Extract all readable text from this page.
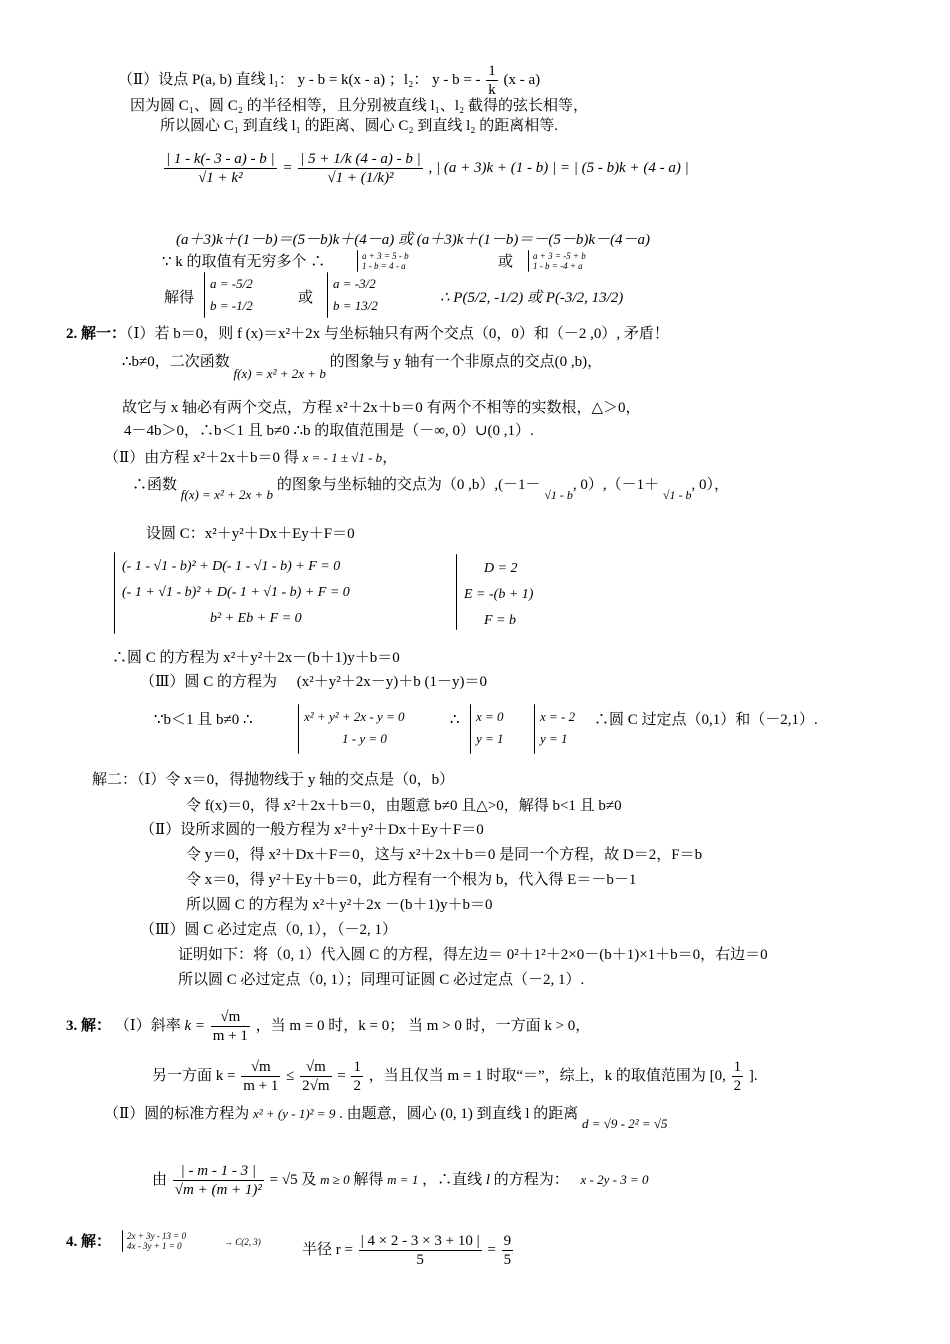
（Ⅱ）设点 P(a, b) 直线 l₁： y - b = k(x - a) ；l₂： y - b = - $\frac{1}{k} (x - a)$
因为圆 C₁、圆 C₂ 的半径相等，且分别被直线 l₁、l₂ 截得的弦长相等，
所以圆心 C₁ 到直线 l₁ 的距离、圆心 C₂ 到直线 l₂ 的距离相等.
$\frac{| 1 - k(- 3 - a) - b |}{\text{√1 + k²}} = \frac{| 5 + 1/k (4 - a) - b |}{\text{√1 + (1/k)²}}$ , | (a + 3)k + (1 - b) | = | (5 - b)k + (4 - a) |
(a＋3)k＋(1－b)＝(5－b)k＋(4－a) 或 (a＋3)k＋(1－b)＝－(5－b)k－(4－a)
∵ k 的取值有无穷多个 ∴	a + 3 = 5 - b
1 - b = 4 - a	或 a + 3 = -5 + b
1 - b = -4 + a
解得
a = -5/2
b = -1/2	或
a = -3/2
b = 13/2	∴ P(5/2, -1/2) 或 P(-3/2, 13/2)
2. 解一：（Ⅰ）若 b＝0，则 f (x)＝x²＋2x 与坐标轴只有两个交点（0，0）和（－2 ,0）, 矛盾！
∴b≠0，二次函数 f(x) = x² + 2x + b 的图象与 y 轴有一个非原点的交点(0 ,b)，
故它与 x 轴必有两个交点，方程 x²＋2x＋b＝0 有两个不相等的实数根，△＞0，
4－4b＞0，∴b＜1 且 b≠0 ∴b 的取值范围是（－∞, 0）∪(0 ,1）.
（Ⅱ）由方程 x²＋2x＋b＝0 得 x = - 1 ± √1 - b，
∴函数 f(x) = x² + 2x + b 的图象与坐标轴的交点为（0 ,b）,(－1－ $_{√1 - b}$, 0）,（－1＋ $_{√1 - b}$, 0），
设圆 C：x²＋y²＋Dx＋Ey＋F＝0
(- 1 - √1 - b)² + D(- 1 - √1 - b) + F = 0
(- 1 + √1 - b)² + D(- 1 + √1 - b) + F = 0
b² + Eb + F = 0
D = 2
E = -(b + 1)
F = b
∴圆 C 的方程为 x²＋y²＋2x－(b＋1)y＋b＝0
（Ⅲ）圆 C 的方程为 (x²＋y²＋2x－y)＋b (1－y)＝0
∵b＜1 且 b≠0 ∴	x² + y² + 2x - y = 0
1 - y = 0
∴ x = 0
y = 1
x = - 2
y = 1
∴圆 C 过定点（0,1）和（－2,1）.
解二：（Ⅰ）令 x＝0，得抛物线于 y 轴的交点是（0，b）
令 f(x)＝0，得 x²＋2x＋b＝0，由题意 b≠0 且△>0，解得 b<1 且 b≠0
（Ⅱ）设所求圆的一般方程为 x²＋y²＋Dx＋Ey＋F＝0
令 y＝0，得 x²＋Dx＋F＝0，这与 x²＋2x＋b＝0 是同一个方程，故 D＝2，F＝b
令 x＝0，得 y²＋Ey＋b＝0，此方程有一个根为 b，代入得 E＝－b－1
所以圆 C 的方程为 x²＋y²＋2x －(b＋1)y＋b＝0
（Ⅲ）圆 C 必过定点（0, 1），（－2, 1）
证明如下：将（0, 1）代入圆 C 的方程，得左边＝ 0²＋1²＋2×0－(b＋1)×1＋b＝0，右边＝0
所以圆 C 必过定点（0, 1）；同理可证圆 C 必过定点（－2, 1）.
3. 解： （Ⅰ）斜率 $k = \frac{√m}{m + 1}$ ，当 m = 0 时，k = 0； 当 m > 0 时，一方面 k > 0，
另一方面 $k = \frac{√m}{m + 1} \le \frac{√m}{2√m} = \frac{1}{2}$ ，当且仅当 m = 1 时取“＝”，综上，k 的取值范围为 [0, $\frac{1}{2}$ ].
（Ⅱ）圆的标准方程为 x² + (y - 1)² = 9 . 由题意，圆心 (0, 1) 到直线 l 的距离 d = √9 - 2² = √5
由 $\frac{| - m - 1 - 3 |}{\text{√m + (m + 1)²}} = √5$ 及 m ≥ 0 解得 m = 1 ，∴直线 l 的方程为： x - 2y - 3 = 0
4. 解： 2x + 3y - 13 = 0
4x - 3y + 1 = 0	→ C(2, 3)	半径 $r = \frac{| 4 \times 2 - 3 \times 3 + 10 |}{5} = \frac{9}{5}$
